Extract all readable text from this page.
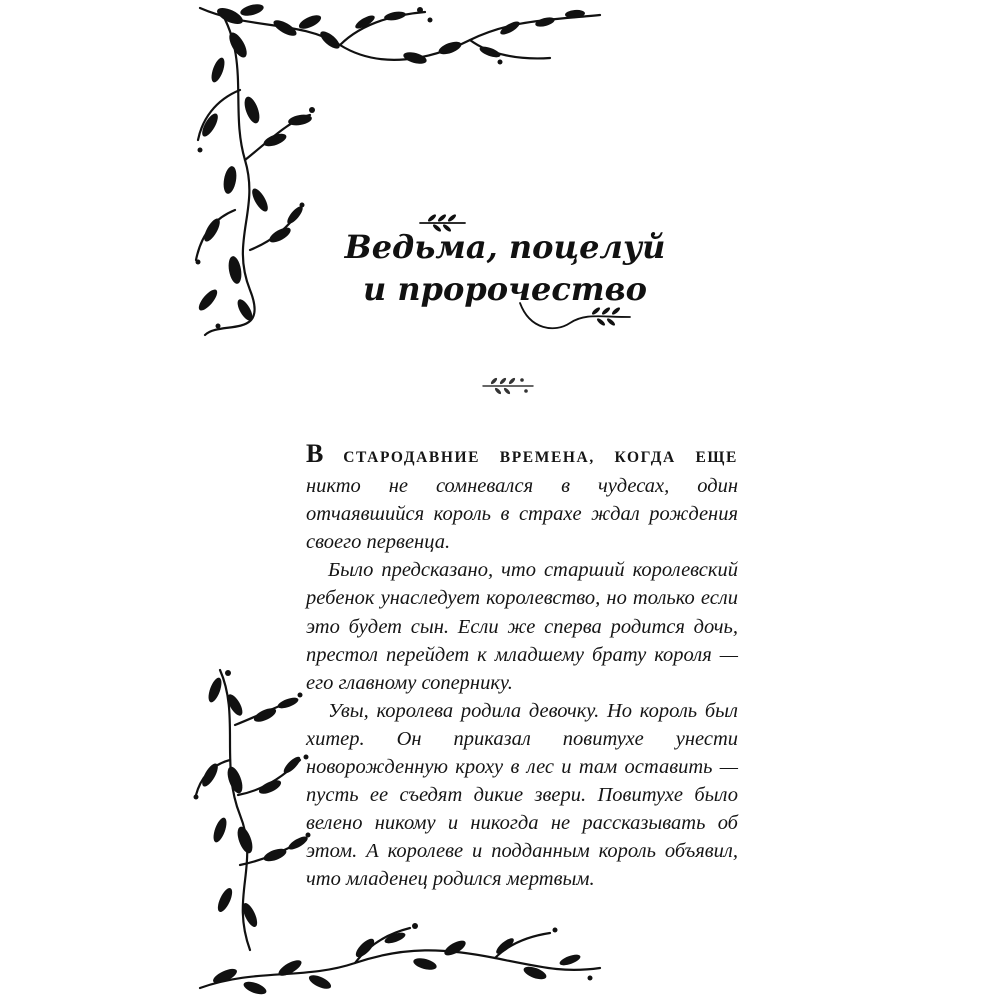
Ведьма, поцелуй
и пророчество

В СТАРОДАВНИЕ ВРЕМЕНА, КОГДА ЕЩЕ никто не сомневался в чудесах, один отчаявшийся король в страхе ждал рождения своего первенца.

Было предсказано, что старший королевский ребенок унаследует королевство, но только если это будет сын. Если же сперва родится дочь, престол перейдет к младшему брату короля — его главному сопернику.

Увы, королева родила девочку. Но король был хитер. Он приказал повитухе унести новорожденную кроху в лес и там оставить — пусть ее съедят дикие звери. Повитухе было велено никому и никогда не рассказывать об этом. А королеве и подданным король объявил, что младенец родился мертвым.
